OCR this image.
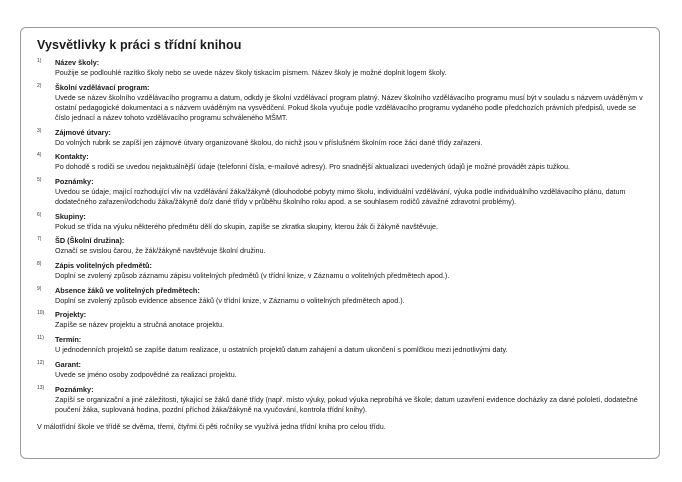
Vysvětlivky k práci s třídní knihou
1) Název školy:
Použije se podlouhlé razítko školy nebo se uvede název školy tiskacím písmem. Název školy je možné doplnit logem školy.
2) Školní vzdělávací program:
Uvede se název školního vzdělávacího programu a datum, odkdy je školní vzdělávací program platný. Název školního vzdělávacího programu musí být v souladu s názvem uváděným v ostatní pedagogické dokumentaci a s názvem uváděným na vysvědčení. Pokud škola vyučuje podle vzdělávacího programu vydaného podle předchozích právních předpisů, uvede se číslo jednací a název tohoto vzdělávacího programu schváleného MŠMT.
3) Zájmové útvary:
Do volných rubrik se zapíší jen zájmové útvary organizované školou, do nichž jsou v příslušném školním roce žáci dané třídy zařazeni.
4) Kontakty:
Po dohodě s rodiči se uvedou nejaktuálnější údaje (telefonní čísla, e-mailové adresy). Pro snadnější aktualizaci uvedených údajů je možné provádět zápis tužkou.
5) Poznámky:
Uvedou se údaje, mající rozhodující vliv na vzdělávání žáka/žákyně (dlouhodobé pobyty mimo školu, individuální vzdělávání, výuka podle individuálního vzdělávacího plánu, datum dodatečného zařazení/odchodu žáka/žákyně do/z dané třídy v průběhu školního roku apod. a se souhlasem rodičů závažné zdravotní problémy).
6) Skupiny:
Pokud se třída na výuku některého předmětu dělí do skupin, zapíše se zkratka skupiny, kterou žák či žákyně navštěvuje.
7) ŠD (Školní družina):
Označí se svislou čarou, že žák/žákyně navštěvuje školní družinu.
8) Zápis volitelných předmětů:
Doplní se zvolený způsob záznamu zápisu volitelných předmětů (v třídní knize, v Záznamu o volitelných předmětech apod.).
9) Absence žáků ve volitelných předmětech:
Doplní se zvolený způsob evidence absence žáků (v třídní knize, v Záznamu o volitelných předmětech apod.).
10) Projekty:
Zapíše se název projektu a stručná anotace projektu.
11) Termín:
U jednodenních projektů se zapíše datum realizace, u ostatních projektů datum zahájení a datum ukončení s pomlčkou mezi jednotlivými daty.
12) Garant:
Uvede se jméno osoby zodpovědné za realizaci projektu.
13) Poznámky:
Zapíší se organizační a jiné záležitosti, týkající se žáků dané třídy (např. místo výuky, pokud výuka neprobíhá ve škole; datum uzavření evidence docházky za dané pololetí, dodatečné poučení žáka, suplovaná hodina, pozdní příchod žáka/žákyně na vyučování, kontrola třídní knihy).
V málotřídní škole ve třídě se dvěma, třemi, čtyřmi či pěti ročníky se využívá jedna třídní kniha pro celou třídu.
